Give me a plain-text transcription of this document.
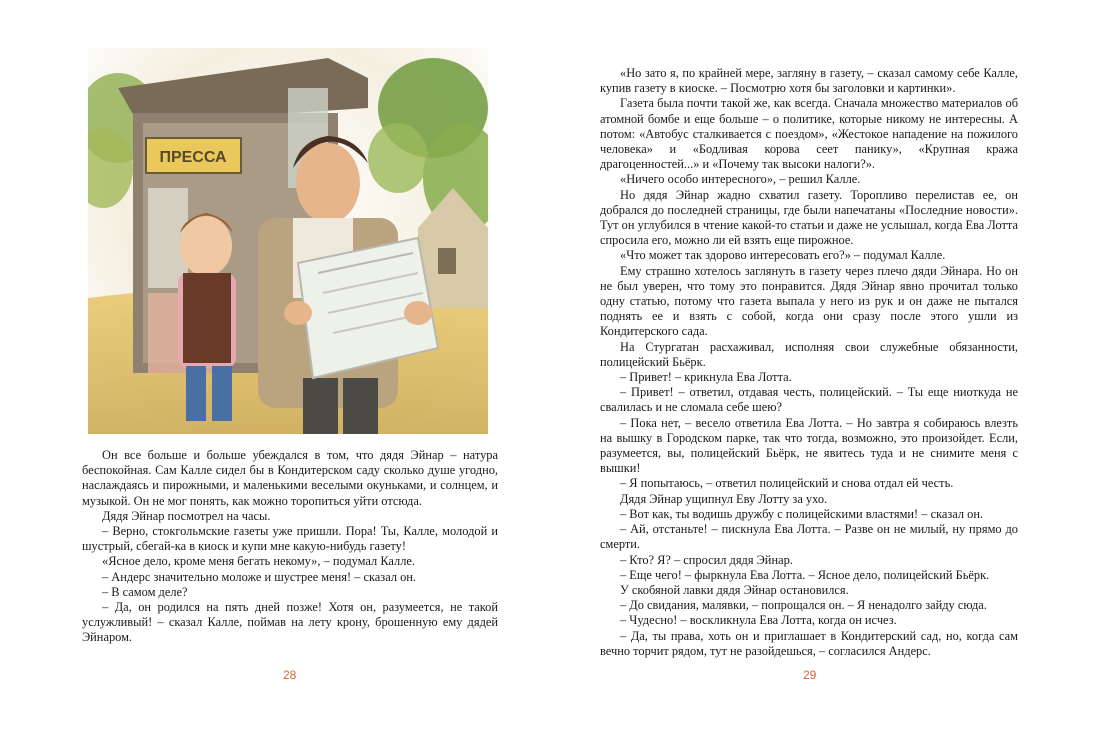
ПРЕССА

Он все больше и больше убеждался в том, что дядя Эйнар – натура беспокойная. Сам Калле сидел бы в Кондитерском саду сколько душе угодно, наслаждаясь и пирожными, и маленькими веселыми окуньками, и солнцем, и музыкой. Он не мог понять, как можно торопиться уйти отсюда.

Дядя Эйнар посмотрел на часы.

– Верно, стокгольмские газеты уже пришли. Пора! Ты, Калле, молодой и шустрый, сбегай-ка в киоск и купи мне какую-нибудь газету!

«Ясное дело, кроме меня бегать некому», – подумал Калле.

– Андерс значительно моложе и шустрее меня! – сказал он.

– В самом деле?

– Да, он родился на пять дней позже! Хотя он, разумеется, не такой услужливый! – сказал Калле, поймав на лету крону, брошенную ему дядей Эйнаром.

28

«Но зато я, по крайней мере, загляну в газету, – сказал самому себе Калле, купив газету в киоске. – Посмотрю хотя бы заголовки и картинки».

Газета была почти такой же, как всегда. Сначала множество материалов об атомной бомбе и еще больше – о политике, которые никому не интересны. А потом: «Автобус сталкивается с поездом», «Жестокое нападение на пожилого человека» и «Бодливая корова сеет панику», «Крупная кража драгоценностей...» и «Почему так высоки налоги?».

«Ничего особо интересного», – решил Калле.

Но дядя Эйнар жадно схватил газету. Торопливо перелистав ее, он добрался до последней страницы, где были напечатаны «Последние новости». Тут он углубился в чтение какой-то статьи и даже не услышал, когда Ева Лотта спросила его, можно ли ей взять еще пирожное.

«Что может так здорово интересовать его?» – подумал Калле.

Ему страшно хотелось заглянуть в газету через плечо дяди Эйнара. Но он не был уверен, что тому это понравится. Дядя Эйнар явно прочитал только одну статью, потому что газета выпала у него из рук и он даже не пытался поднять ее и взять с собой, когда они сразу после этого ушли из Кондитерского сада.

На Стургатан расхаживал, исполняя свои служебные обязанности, полицейский Бьёрк.

– Привет! – крикнула Ева Лотта.

– Привет! – ответил, отдавая честь, полицейский. – Ты еще ниоткуда не свалилась и не сломала себе шею?

– Пока нет, – весело ответила Ева Лотта. – Но завтра я собираюсь влезть на вышку в Городском парке, так что тогда, возможно, это произойдет. Если, разумеется, вы, полицейский Бьёрк, не явитесь туда и не снимите меня с вышки!

– Я попытаюсь, – ответил полицейский и снова отдал ей честь.

Дядя Эйнар ущипнул Еву Лотту за ухо.

– Вот как, ты водишь дружбу с полицейскими властями! – сказал он.

– Ай, отстаньте! – пискнула Ева Лотта. – Разве он не милый, ну прямо до смерти.

– Кто? Я? – спросил дядя Эйнар.

– Еще чего! – фыркнула Ева Лотта. – Ясное дело, полицейский Бьёрк.

У скобяной лавки дядя Эйнар остановился.

– До свидания, малявки, – попрощался он. – Я ненадолго зайду сюда.

– Чудесно! – воскликнула Ева Лотта, когда он исчез.

– Да, ты права, хоть он и приглашает в Кондитерский сад, но, когда сам вечно торчит рядом, тут не разойдешься, – согласился Андерс.

29
